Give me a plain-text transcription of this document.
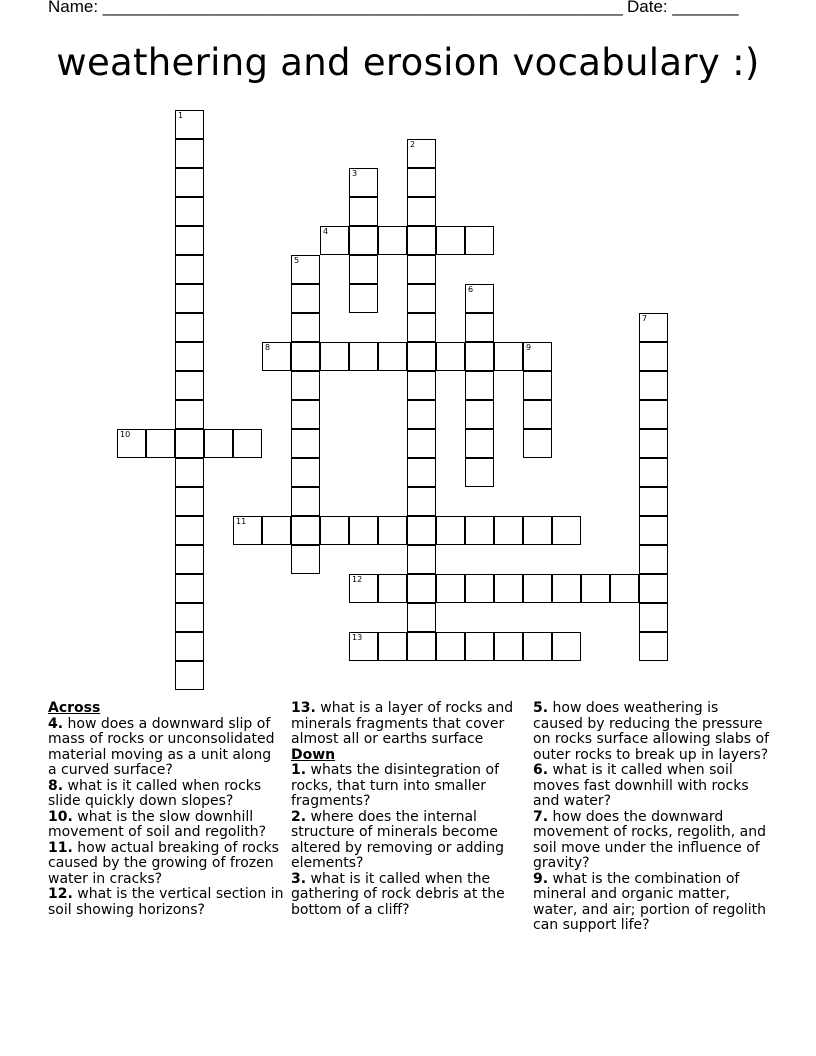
Name: _______________________________________________________ Date: _______
weathering and erosion vocabulary :)
1
2
3
4
5
6
7
8	9
10
11
12
13
Across
4. how does a downward slip of mass of rocks or unconsolidated material moving as a unit along a curved surface?
8. what is it called when rocks slide quickly down slopes?
10. what is the slow downhill movement of soil and regolith?
11. how actual breaking of rocks caused by the growing of frozen water in cracks?
12. what is the vertical section in soil showing horizons?
13. what is a layer of rocks and minerals fragments that cover almost all or earths surface
Down
1. whats the disintegration of rocks, that turn into smaller fragments?
2. where does the internal structure of minerals become altered by removing or adding elements?
3. what is it called when the gathering of rock debris at the bottom of a cliff?
5. how does weathering is caused by reducing the pressure on rocks surface allowing slabs of outer rocks to break up in layers?
6. what is it called when soil moves fast downhill with rocks and water?
7. how does the downward movement of rocks, regolith, and soil move under the influence of gravity?
9. what is the combination of mineral and organic matter, water, and air; portion of regolith can support life?
